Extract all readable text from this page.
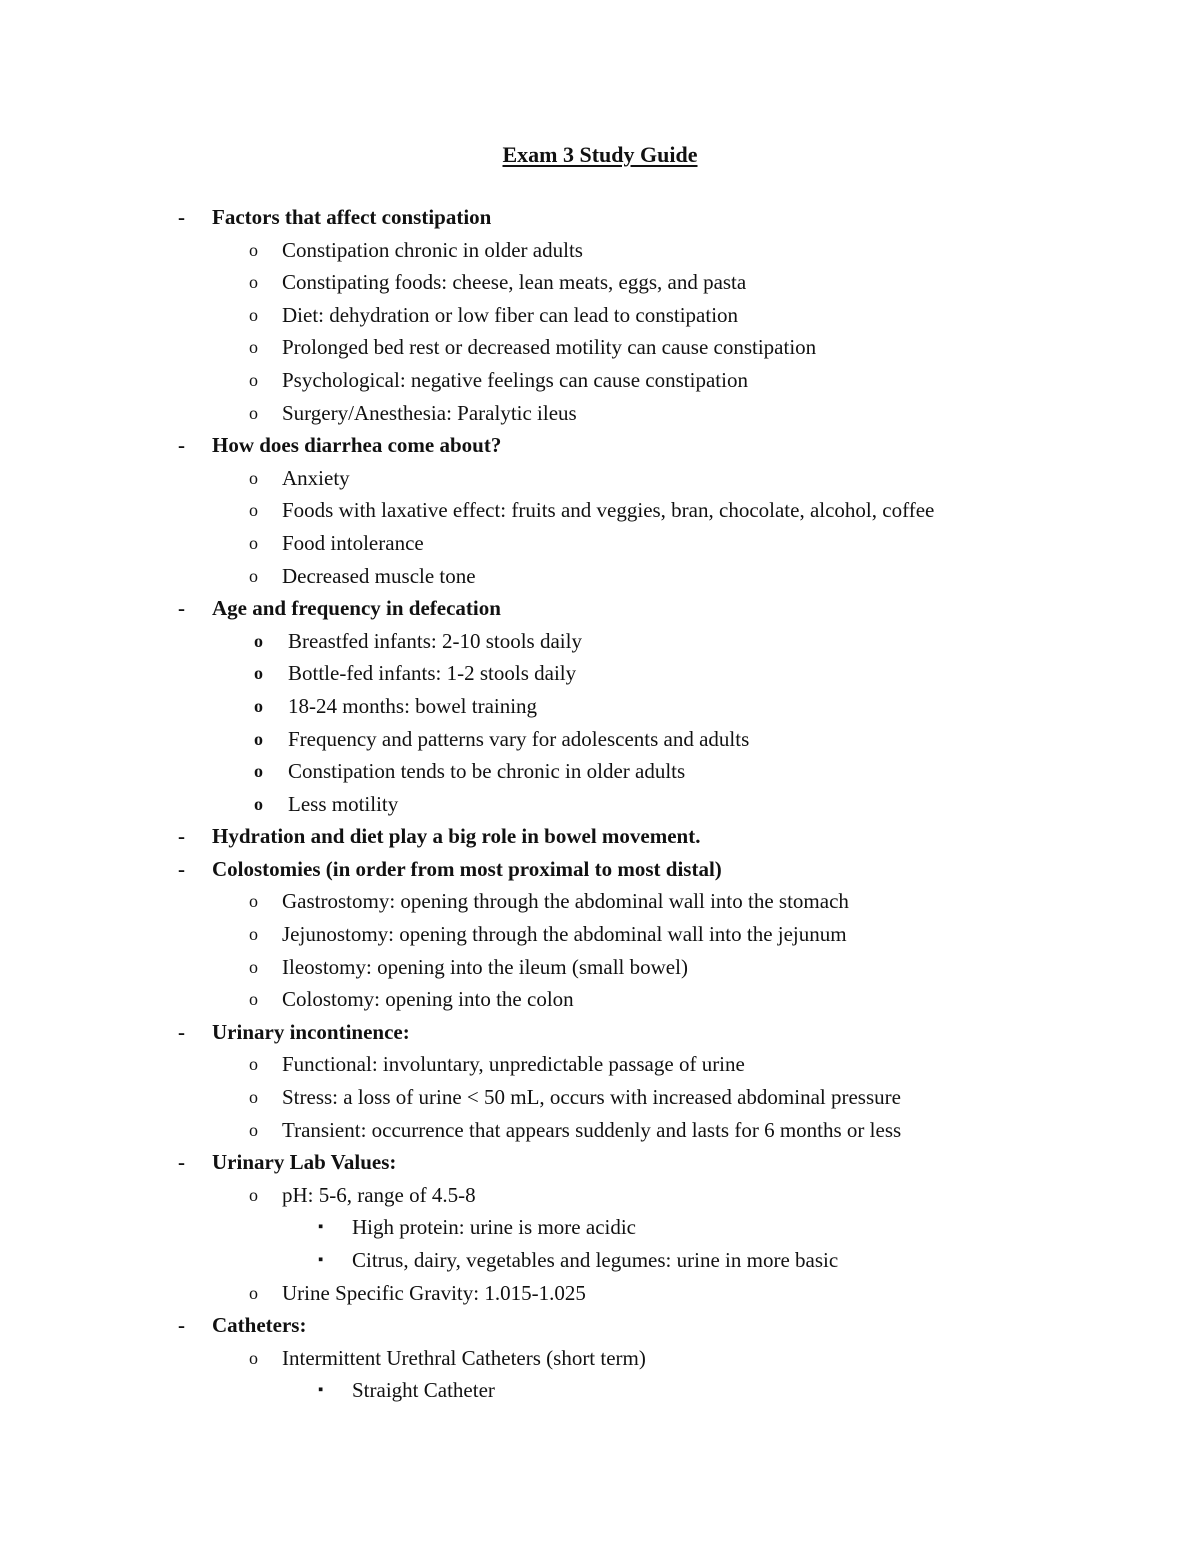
Exam 3 Study Guide
- Factors that affect constipation
o Constipation chronic in older adults
o Constipating foods: cheese, lean meats, eggs, and pasta
o Diet: dehydration or low fiber can lead to constipation
o Prolonged bed rest or decreased motility can cause constipation
o Psychological: negative feelings can cause constipation
o Surgery/Anesthesia: Paralytic ileus
- How does diarrhea come about?
o Anxiety
o Foods with laxative effect: fruits and veggies, bran, chocolate, alcohol, coffee
o Food intolerance
o Decreased muscle tone
- Age and frequency in defecation
o Breastfed infants: 2-10 stools daily
o Bottle-fed infants: 1-2 stools daily
o 18-24 months: bowel training
o Frequency and patterns vary for adolescents and adults
o Constipation tends to be chronic in older adults
o Less motility
- Hydration and diet play a big role in bowel movement.
- Colostomies (in order from most proximal to most distal)
o Gastrostomy: opening through the abdominal wall into the stomach
o Jejunostomy: opening through the abdominal wall into the jejunum
o Ileostomy: opening into the ileum (small bowel)
o Colostomy: opening into the colon
- Urinary incontinence:
o Functional: involuntary, unpredictable passage of urine
o Stress: a loss of urine < 50 mL, occurs with increased abdominal pressure
o Transient: occurrence that appears suddenly and lasts for 6 months or less
- Urinary Lab Values:
o pH: 5-6, range of 4.5-8
▪ High protein: urine is more acidic
▪ Citrus, dairy, vegetables and legumes: urine in more basic
o Urine Specific Gravity: 1.015-1.025
- Catheters:
o Intermittent Urethral Catheters (short term)
▪ Straight Catheter
